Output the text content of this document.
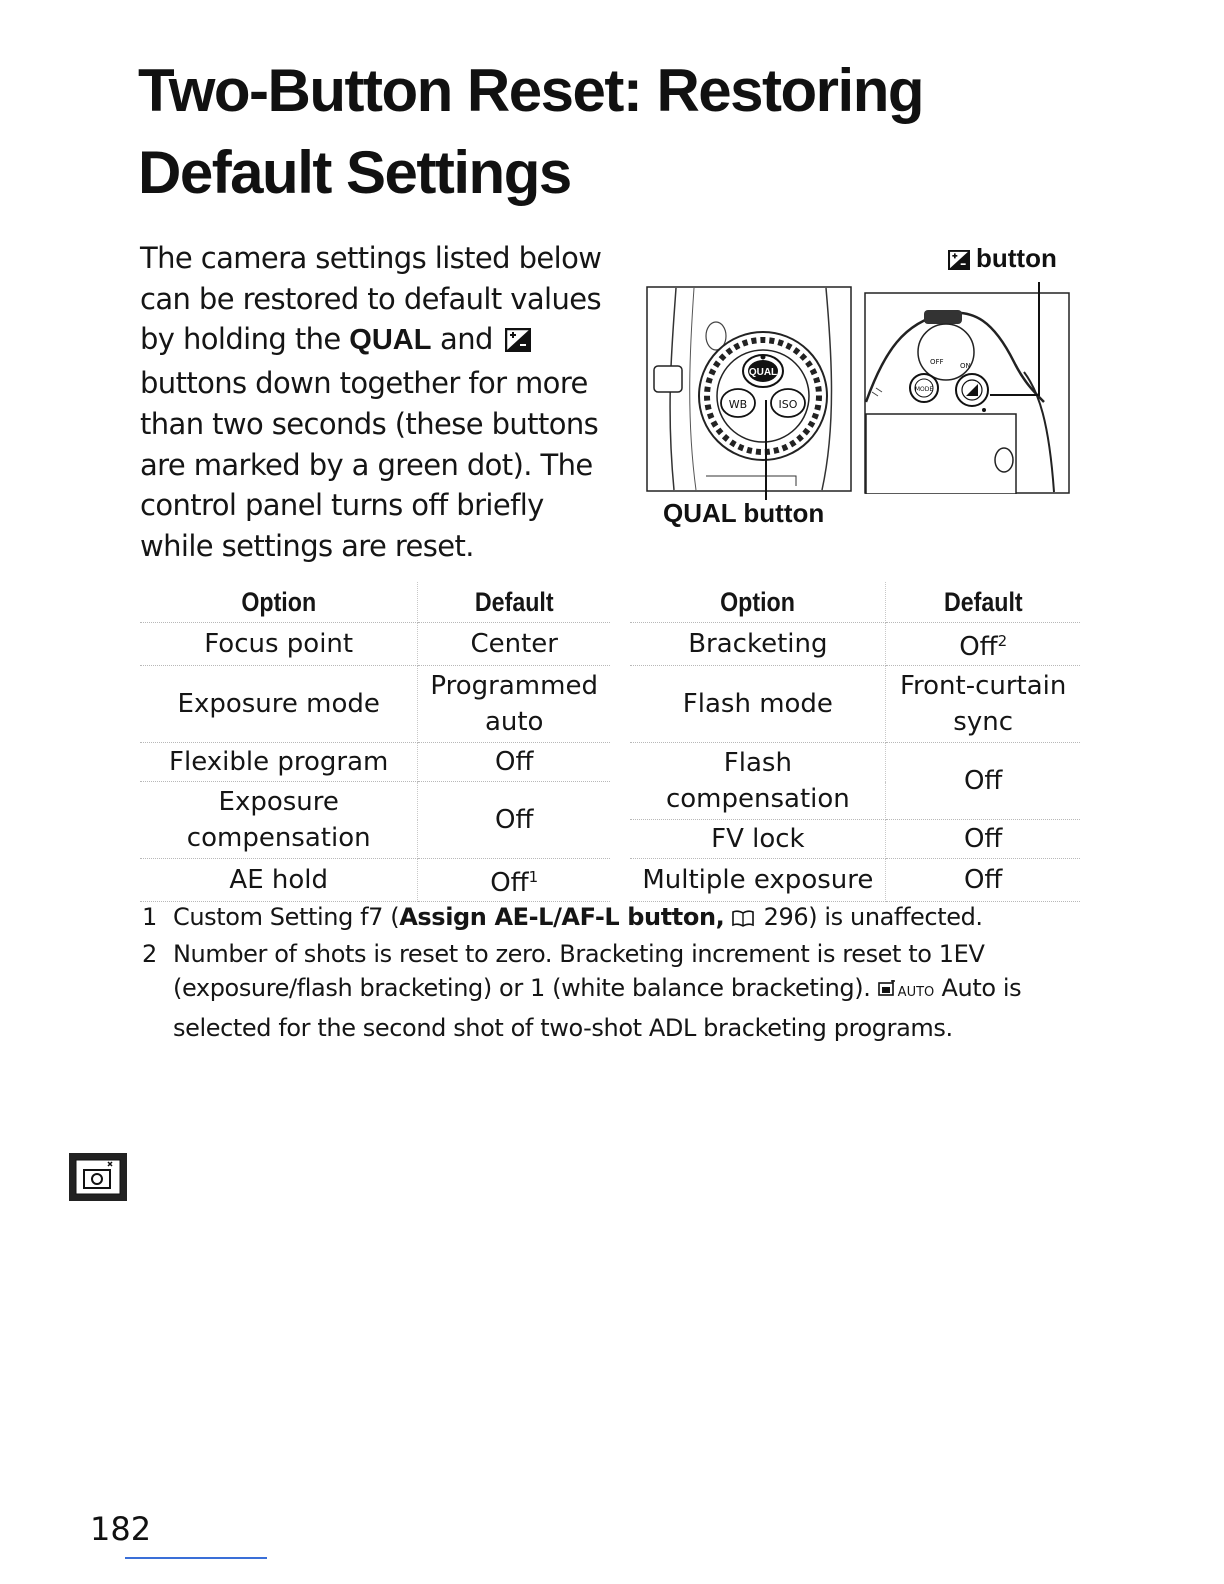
Two-Button Reset: Restoring
Default Settings

The camera settings listed below can be restored to default values by holding the QUAL and  buttons down together for more than two seconds (these buttons are marked by a green dot). The control panel turns off briefly while settings are reset.

button
QUAL
WB	ISO
OFF ON
MODE
QUAL button
Option	Default		Option	Default
Focus point	Center		Bracketing	Off$^2$
Exposure mode	Programmed auto		Flash mode	Front-curtain sync
Flexible program	Off		Flash compensation	Off
Exposure compensation	Off			
			FV lock	Off
AE hold	Off$^1$		Multiple exposure	Off
1 Custom Setting f7 (Assign AE-L/AF-L button, 296) is unaffected.
2 Number of shots is reset to zero. Bracketing increment is reset to 1EV (exposure/flash bracketing) or 1 (white balance bracketing). AUTO Auto is selected for the second shot of two-shot ADL bracketing programs.
182
